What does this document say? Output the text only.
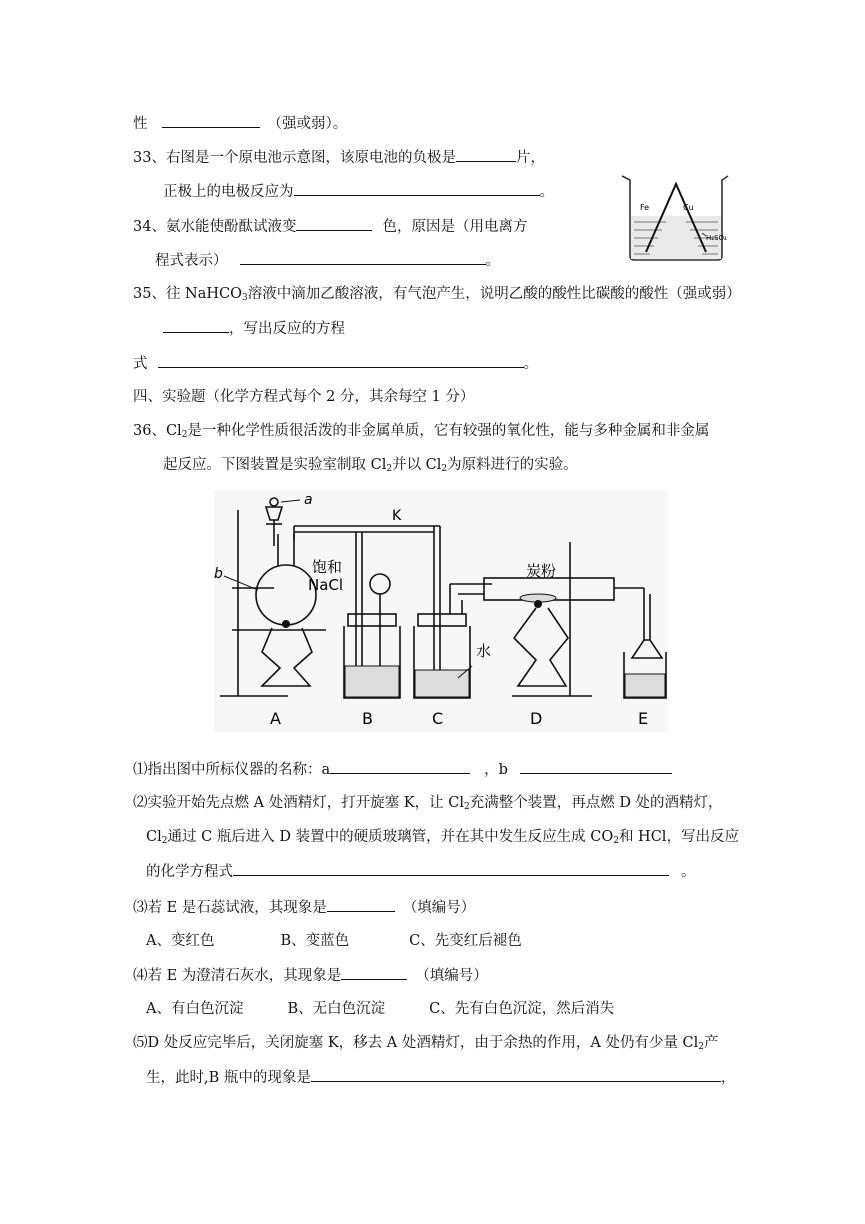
性	（强或弱）。
33、右图是一个原电池示意图，该原电池的负极是	片，
正极上的电极反应为	。
Fe	Cu
H₂SO₄
34、氨水能使酚酞试液变	色，原因是（用电离方
程式表示）	。
35、往 NaHCO$_3$溶液中滴加乙酸溶液，有气泡产生，说明乙酸的酸性比碳酸的酸性（强或弱）
，写出反应的方程
式	。
四、实验题（化学方程式每个 2 分，其余每空 1 分）
36、$Cl_2$是一种化学性质很活泼的非金属单质，它有较强的氧化性，能与多种金属和非金属
起反应。下图装置是实验室制取 $Cl_2$并以 $Cl_2$为原料进行的实验。
a
b
K
饱和
NaCl
炭粉
水
A	B	C	D	E
⑴指出图中所标仪器的名称：a	，b
⑵实验开始先点燃 A 处酒精灯，打开旋塞 K，让 $Cl_2$充满整个装置，再点燃 D 处的酒精灯，
$Cl_2$通过 C 瓶后进入 D 装置中的硬质玻璃管，并在其中发生反应生成 $CO_2$和 HCl，写出反应
的化学方程式	。
⑶若 E 是石蕊试液，其现象是	（填编号）
A、变红色	B、变蓝色	C、先变红后褪色
⑷若 E 为澄清石灰水，其现象是	（填编号）
A、有白色沉淀	B、无白色沉淀	C、先有白色沉淀，然后消失
⑸D 处反应完毕后，关闭旋塞 K，移去 A 处酒精灯，由于余热的作用，A 处仍有少量 $Cl_2$产
生，此时,B 瓶中的现象是	，
